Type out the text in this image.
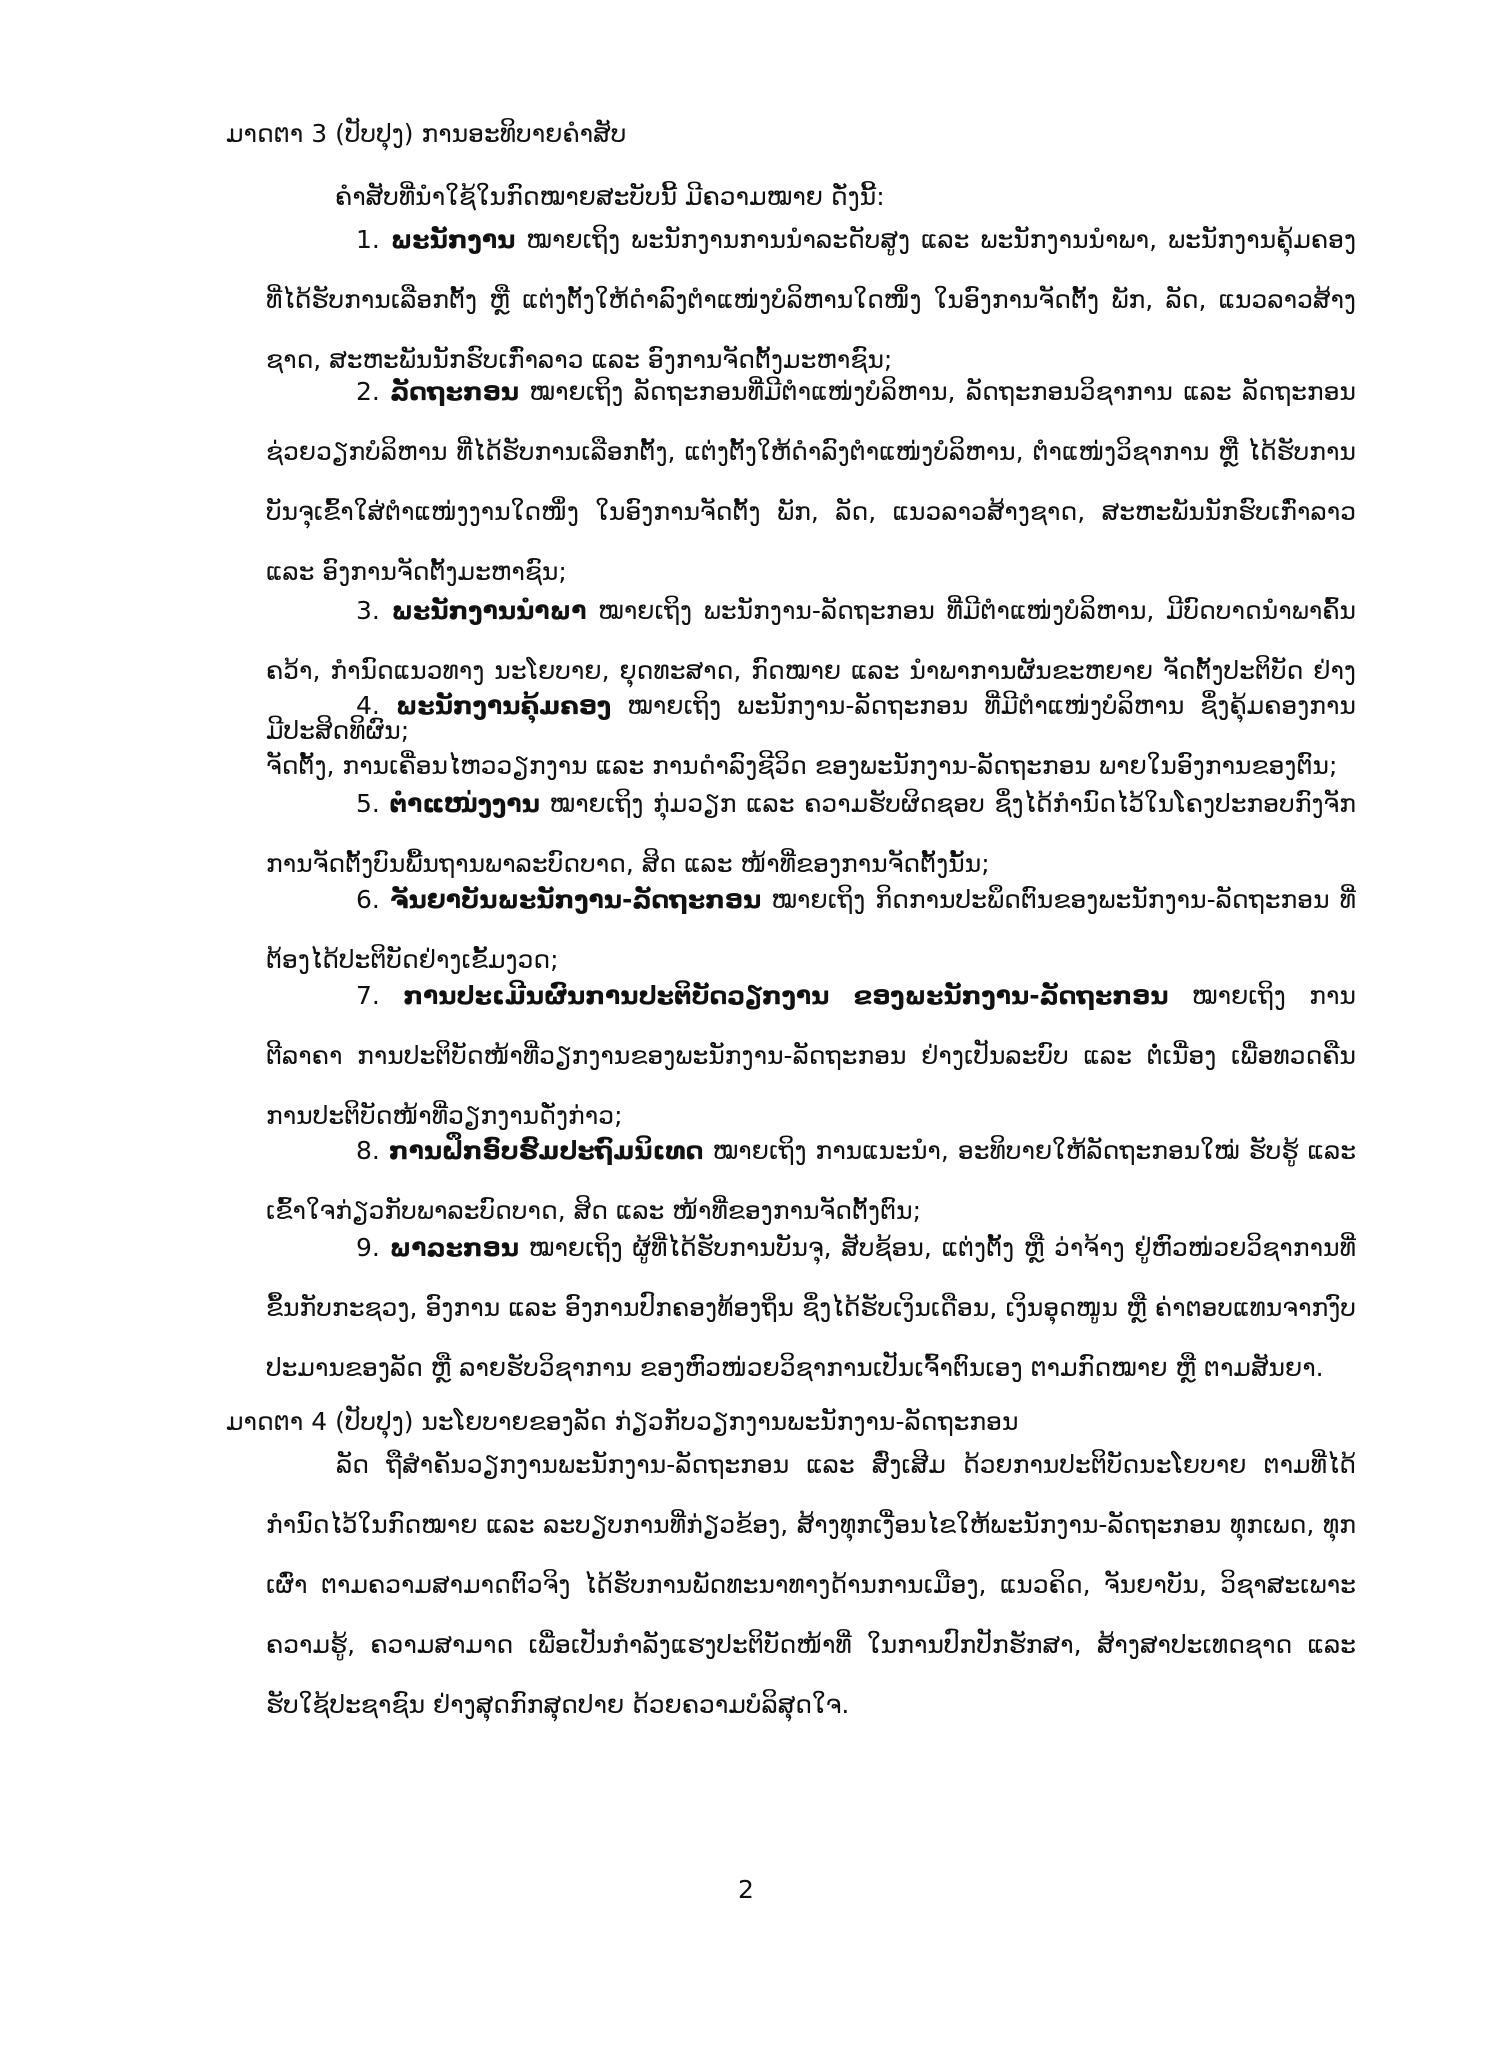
ມາດຕາ 3 (ປັບປຸງ) ການອະທິບາຍຄຳສັບ
ຄຳສັບທີ່ນຳໃຊ້ໃນກົດໝາຍສະບັບນີ້ ມີຄວາມໝາຍ ດັ່ງນີ້:
1. ພະນັກງານ ໝາຍເຖິງ ພະນັກງານການນຳລະດັບສູງ ແລະ ພະນັກງານນຳພາ, ພະນັກງານຄຸ້ມຄອງ ທີ່ໄດ້ຮັບການເລືອກຕັ້ງ ຫຼື ແຕ່ງຕັ້ງໃຫ້ດຳລົງຕຳແໜ່ງບໍລິຫານໃດໜຶ່ງ ໃນອົງການຈັດຕັ້ງ ພັກ, ລັດ, ແນວລາວສ້າງຊາດ, ສະຫະພັນນັກຮົບເກົ່າລາວ ແລະ ອົງການຈັດຕັ້ງມະຫາຊົນ;
2. ລັດຖະກອນ ໝາຍເຖິງ ລັດຖະກອນທີ່ມີຕຳແໜ່ງບໍລິຫານ, ລັດຖະກອນວິຊາການ ແລະ ລັດຖະກອນຊ່ວຍວຽກບໍລິຫານ ທີ່ໄດ້ຮັບການເລືອກຕັ້ງ, ແຕ່ງຕັ້ງໃຫ້ດຳລົງຕຳແໜ່ງບໍລິຫານ, ຕຳແໜ່ງວິຊາການ ຫຼື ໄດ້ຮັບການບັນຈຸເຂົ້າໃສ່ຕຳແໜ່ງງານໃດໜຶ່ງ ໃນອົງການຈັດຕັ້ງ ພັກ, ລັດ, ແນວລາວສ້າງຊາດ, ສະຫະພັນນັກຮົບເກົ່າລາວ ແລະ ອົງການຈັດຕັ້ງມະຫາຊົນ;
3. ພະນັກງານນຳພາ ໝາຍເຖິງ ພະນັກງານ-ລັດຖະກອນ ທີ່ມີຕຳແໜ່ງບໍລິຫານ, ມີບົດບາດນຳພາຄົ້ນຄວ້າ, ກຳນົດແນວທາງ ນະໂຍບາຍ, ຍຸດທະສາດ, ກົດໝາຍ ແລະ ນຳພາການຜັນຂະຫຍາຍ ຈັດຕັ້ງປະຕິບັດ ຢ່າງມີປະສິດທິຜົນ;
4. ພະນັກງານຄຸ້ມຄອງ ໝາຍເຖິງ ພະນັກງານ-ລັດຖະກອນ ທີ່ມີຕຳແໜ່ງບໍລິຫານ ຊຶ່ງຄຸ້ມຄອງການຈັດຕັ້ງ, ການເຄື່ອນໄຫວວຽກງານ ແລະ ການດຳລົງຊີວິດ ຂອງພະນັກງານ-ລັດຖະກອນ ພາຍໃນອົງການຂອງຕົນ;
5. ຕຳແໜ່ງງານ ໝາຍເຖິງ ກຸ່ມວຽກ ແລະ ຄວາມຮັບຜິດຊອບ ຊຶ່ງໄດ້ກຳນົດໄວ້ໃນໂຄງປະກອບກົງຈັກການຈັດຕັ້ງບົນພື້ນຖານພາລະບົດບາດ, ສິດ ແລະ ໜ້າທີ່ຂອງການຈັດຕັ້ງນັ້ນ;
6. ຈັນຍາບັນພະນັກງານ-ລັດຖະກອນ ໝາຍເຖິງ ກິດການປະພຶດຕົນຂອງພະນັກງານ-ລັດຖະກອນ ທີ່ຕ້ອງໄດ້ປະຕິບັດຢ່າງເຂັ້ມງວດ;
7. ການປະເມີນຜົນການປະຕິບັດວຽກງານ ຂອງພະນັກງານ-ລັດຖະກອນ ໝາຍເຖິງ ການຕີລາຄາ ການປະຕິບັດໜ້າທີ່ວຽກງານຂອງພະນັກງານ-ລັດຖະກອນ ຢ່າງເປັນລະບົບ ແລະ ຕໍ່ເນື່ອງ ເພື່ອທວດຄືນການປະຕິບັດໜ້າທີ່ວຽກງານດັ່ງກ່າວ;
8. ການຝຶກອົບຮົມປະຖົມນິເທດ ໝາຍເຖິງ ການແນະນຳ, ອະທິບາຍໃຫ້ລັດຖະກອນໃໝ່ ຮັບຮູ້ ແລະ ເຂົ້າໃຈກ່ຽວກັບພາລະບົດບາດ, ສິດ ແລະ ໜ້າທີ່ຂອງການຈັດຕັ້ງຕົນ;
9. ພາລະກອນ ໝາຍເຖິງ ຜູ້ທີ່ໄດ້ຮັບການບັນຈຸ, ສັບຊ້ອນ, ແຕ່ງຕັ້ງ ຫຼື ວ່າຈ້າງ ຢູ່ຫົວໜ່ວຍວິຊາການທີ່ຂຶ້ນກັບກະຊວງ, ອົງການ ແລະ ອົງການປົກຄອງທ້ອງຖິ່ນ ຊຶ່ງໄດ້ຮັບເງິນເດືອນ, ເງິນອຸດໜູນ ຫຼື ຄ່າຕອບແທນຈາກງົບປະມານຂອງລັດ ຫຼື ລາຍຮັບວິຊາການ ຂອງຫົວໜ່ວຍວິຊາການເປັນເຈົ້າຕົນເອງ ຕາມກົດໝາຍ ຫຼື ຕາມສັນຍາ.
ມາດຕາ 4 (ປັບປຸງ) ນະໂຍບາຍຂອງລັດ ກ່ຽວກັບວຽກງານພະນັກງານ-ລັດຖະກອນ
ລັດ ຖືສຳຄັນວຽກງານພະນັກງານ-ລັດຖະກອນ ແລະ ສົ່ງເສີມ ດ້ວຍການປະຕິບັດນະໂຍບາຍ ຕາມທີ່ໄດ້ກຳນົດໄວ້ໃນກົດໝາຍ ແລະ ລະບຽບການທີ່ກ່ຽວຂ້ອງ, ສ້າງທຸກເງື່ອນໄຂໃຫ້ພະນັກງານ-ລັດຖະກອນ ທຸກເພດ, ທຸກເຜົ່າ ຕາມຄວາມສາມາດຕົວຈິງ ໄດ້ຮັບການພັດທະນາທາງດ້ານການເມືອງ, ແນວຄິດ, ຈັນຍາບັນ, ວິຊາສະເພາະຄວາມຮູ້, ຄວາມສາມາດ ເພື່ອເປັນກຳລັງແຮງປະຕິບັດໜ້າທີ່ ໃນການປົກປັກຮັກສາ, ສ້າງສາປະເທດຊາດ ແລະ ຮັບໃຊ້ປະຊາຊົນ ຢ່າງສຸດກົກສຸດປາຍ ດ້ວຍຄວາມບໍລິສຸດໃຈ.
2
